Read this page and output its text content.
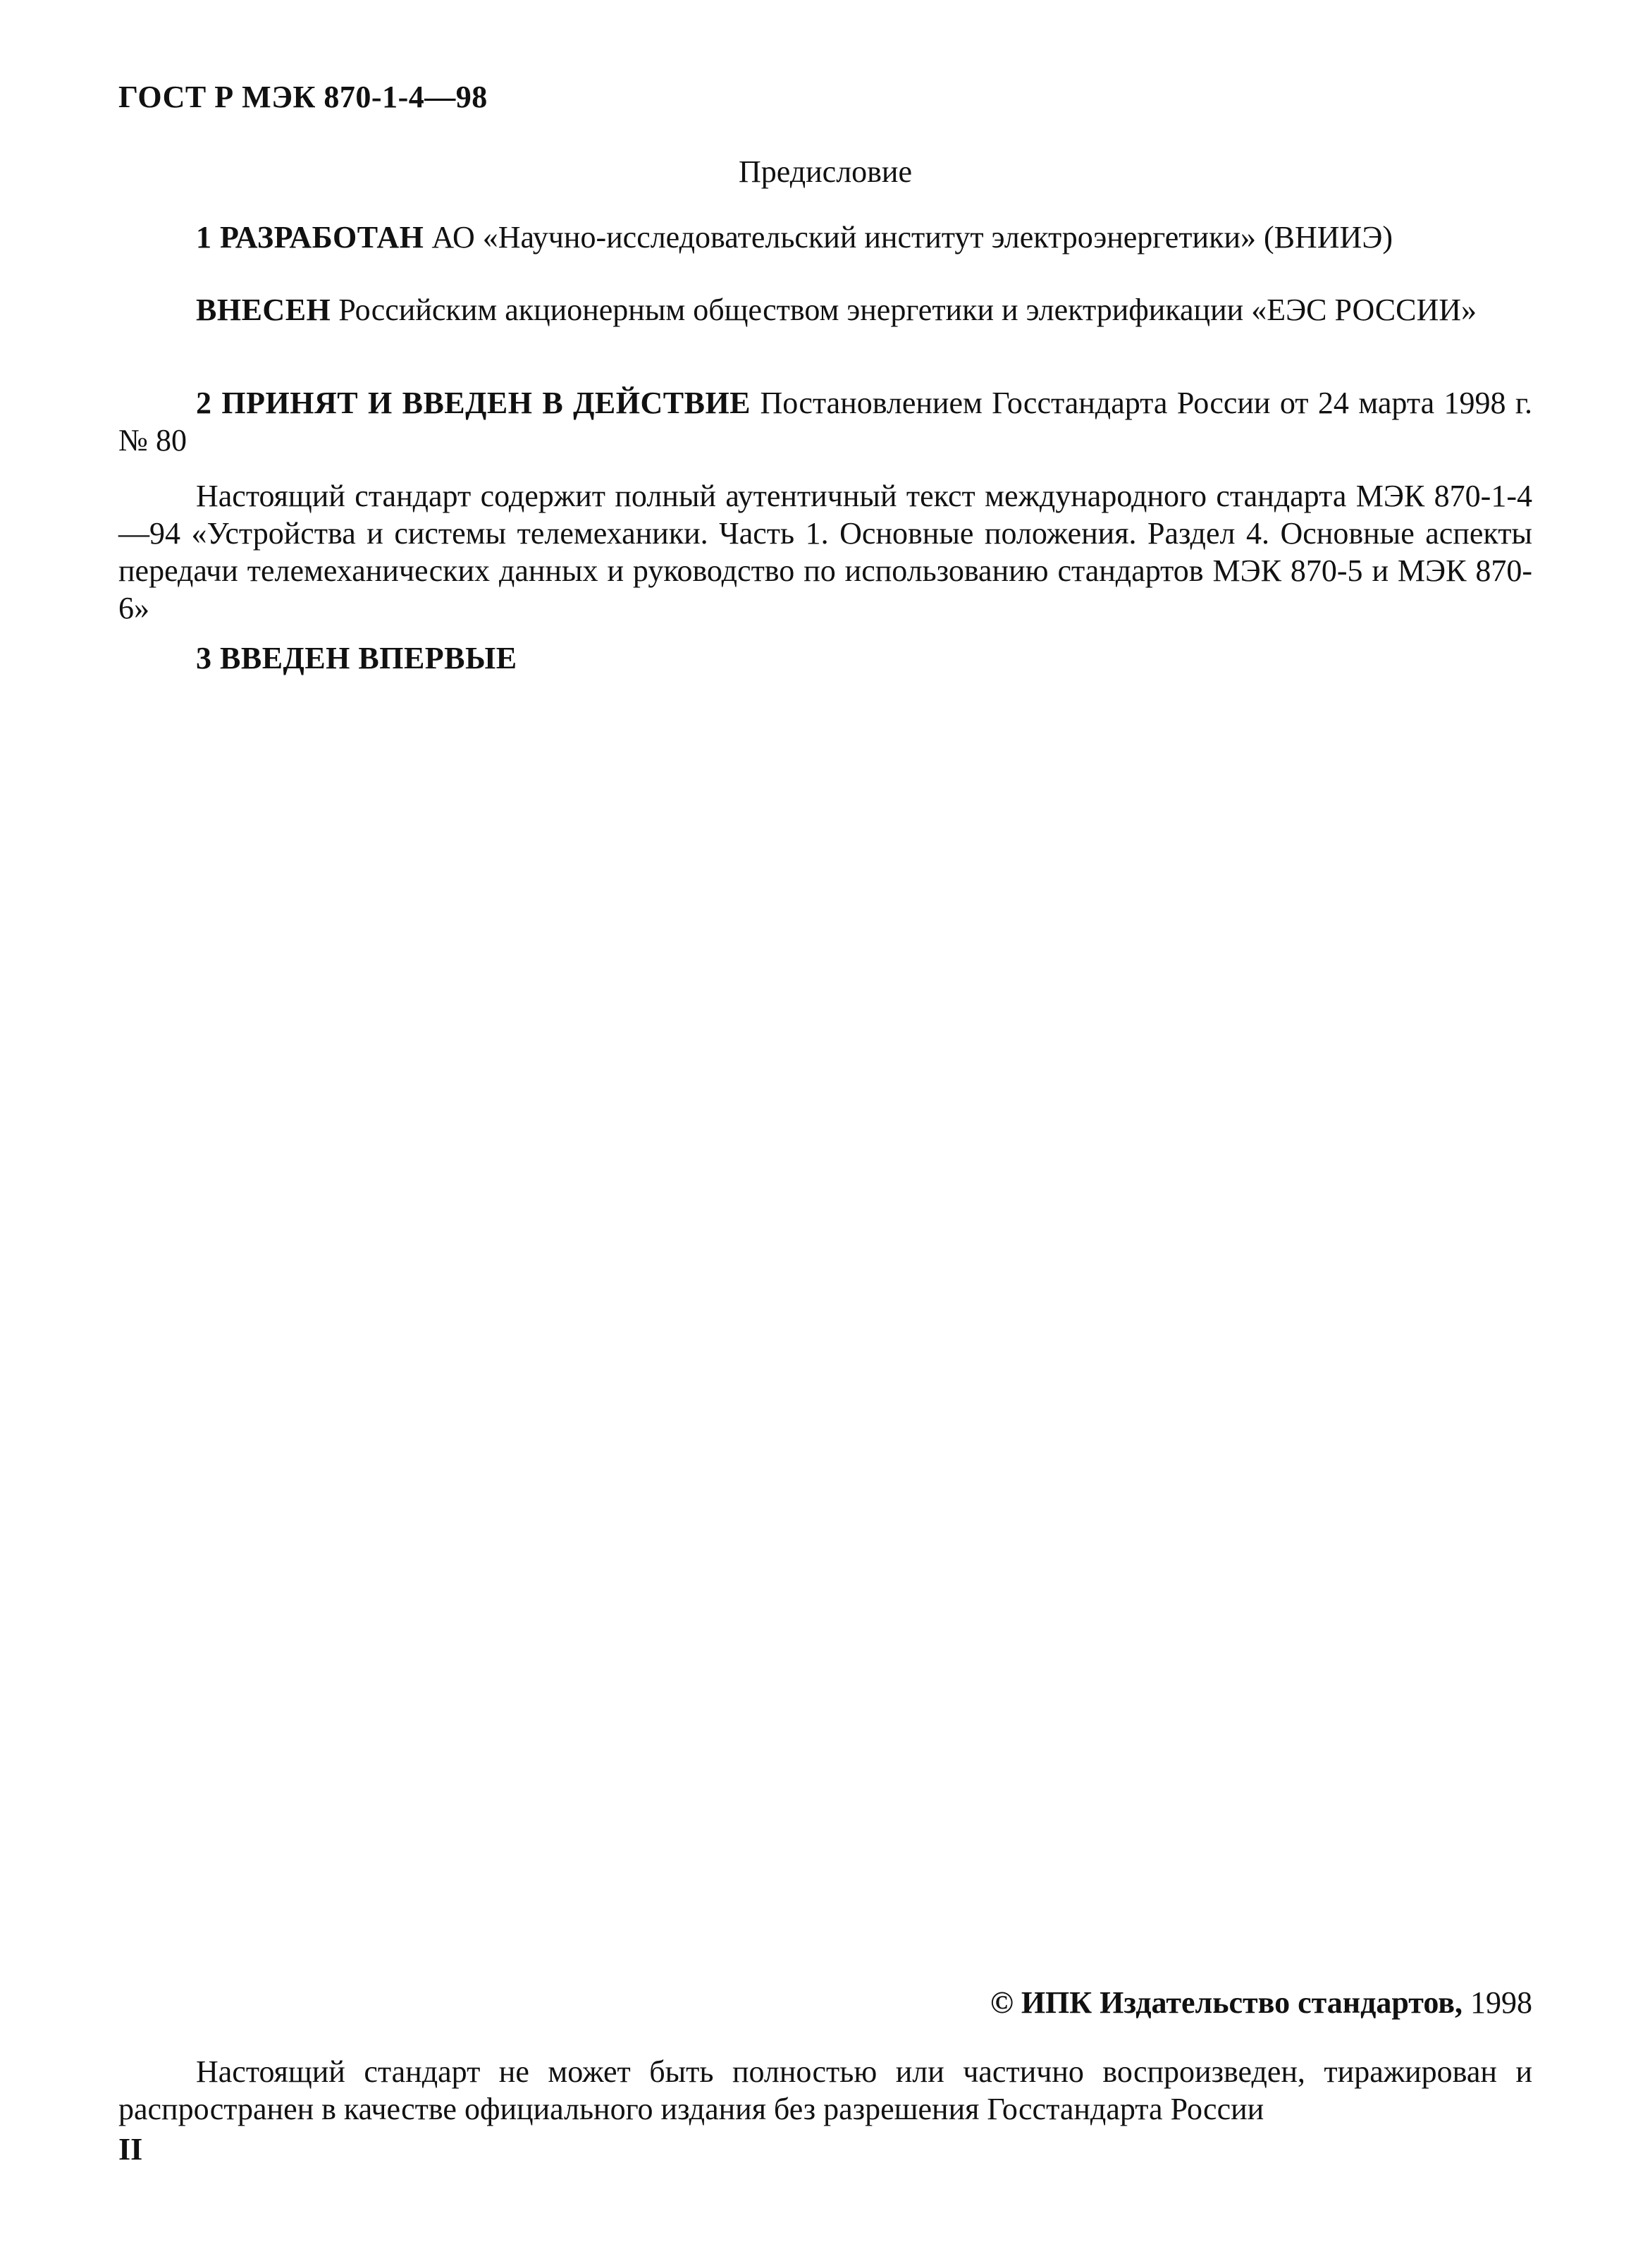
ГОСТ Р МЭК 870-1-4—98
Предисловие

1 РАЗРАБОТАН АО «Научно-исследовательский институт электроэнергетики» (ВНИИЭ)

ВНЕСЕН Российским акционерным обществом энергетики и электрификации «ЕЭС РОССИИ»

2 ПРИНЯТ И ВВЕДЕН В ДЕЙСТВИЕ Постановлением Госстандарта России от 24 марта 1998 г. № 80

Настоящий стандарт содержит полный аутентичный текст международного стандарта МЭК 870-1-4—94 «Устройства и системы телемеханики. Часть 1. Основные положения. Раздел 4. Основные аспекты передачи телемеханических данных и руководство по использованию стандартов МЭК 870-5 и МЭК 870-6»

3 ВВЕДЕН ВПЕРВЫЕ

© ИПК Издательство стандартов, 1998

Настоящий стандарт не может быть полностью или частично воспроизведен, тиражирован и распространен в качестве официального издания без разрешения Госстандарта России

II
